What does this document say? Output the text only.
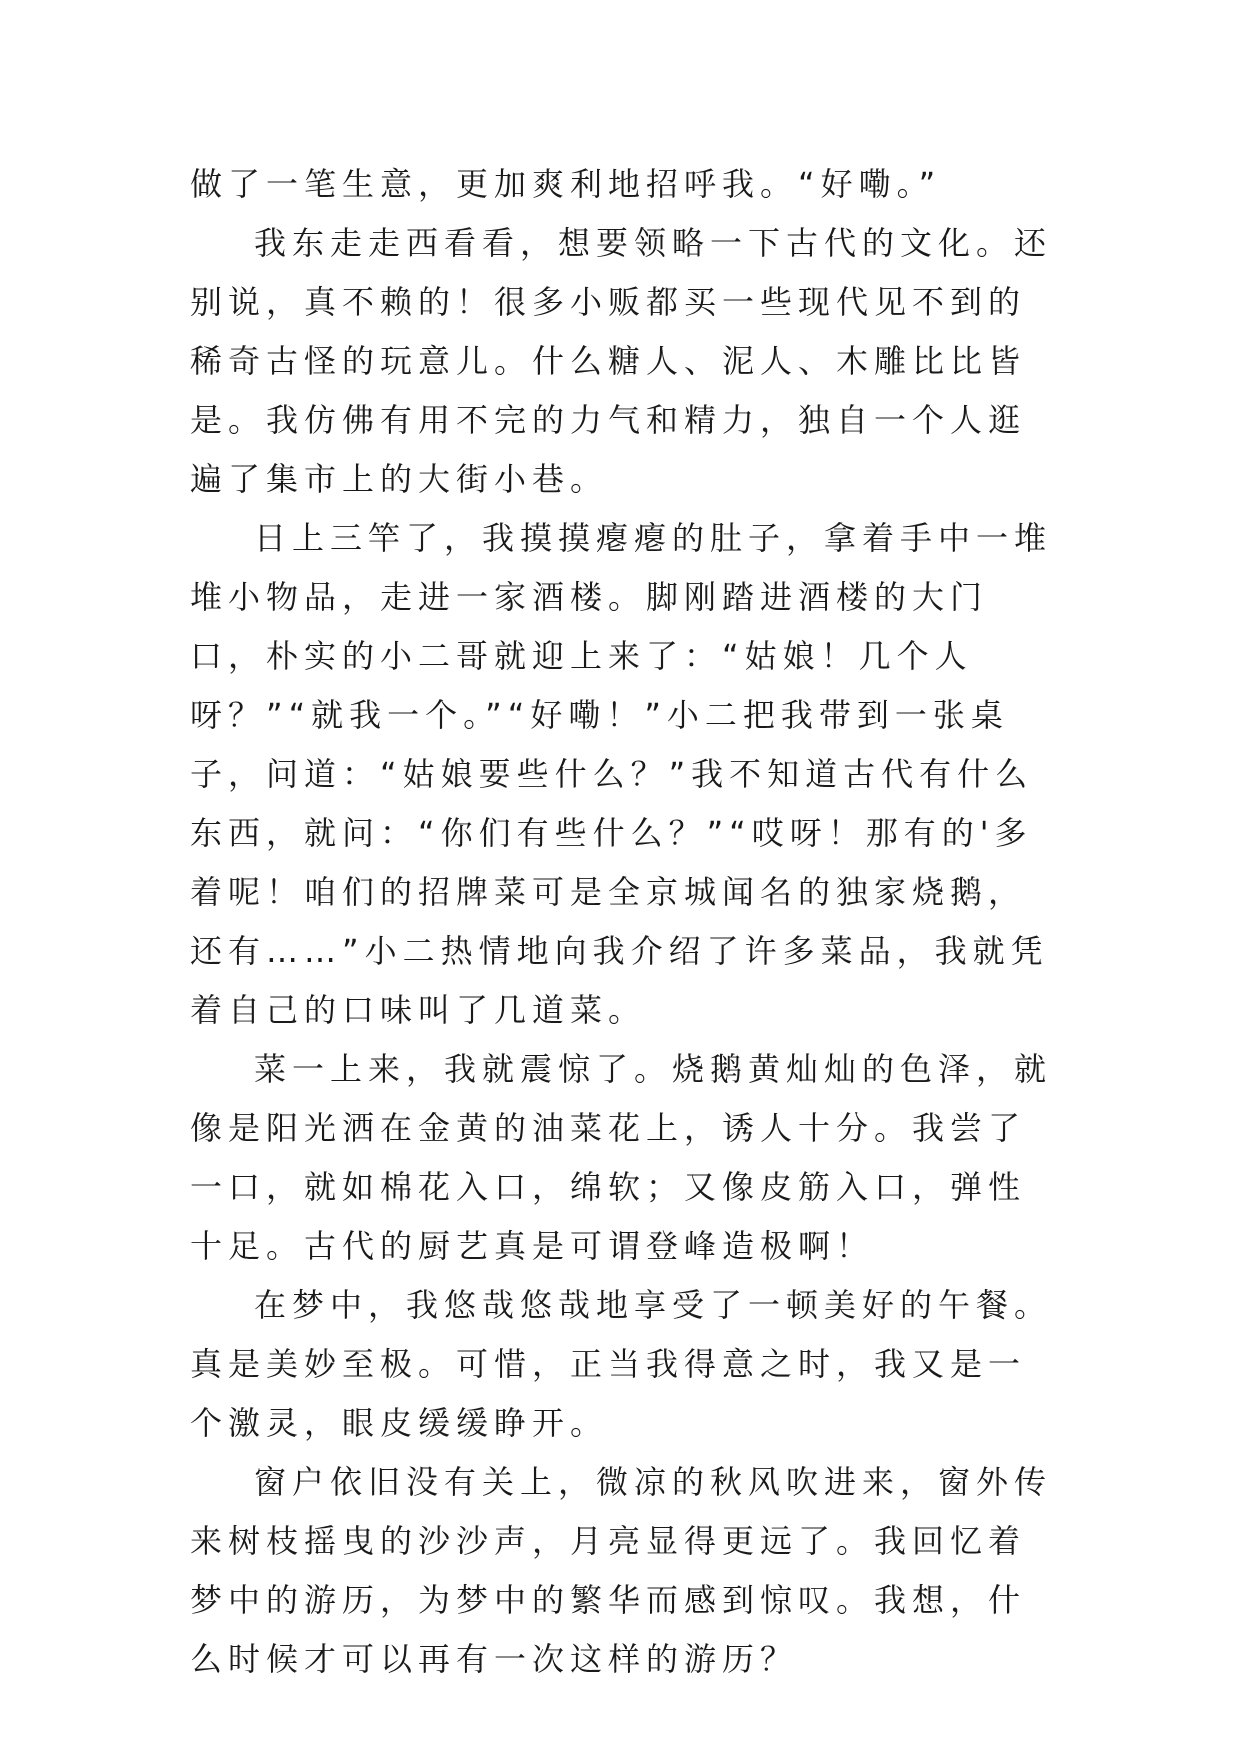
做了一笔生意，更加爽利地招呼我。“好嘞。”

我东走走西看看，想要领略一下古代的文化。还别说，真不赖的！很多小贩都买一些现代见不到的稀奇古怪的玩意儿。什么糖人、泥人、木雕比比皆是。我仿佛有用不完的力气和精力，独自一个人逛遍了集市上的大街小巷。

日上三竿了，我摸摸瘪瘪的肚子，拿着手中一堆堆小物品，走进一家酒楼。脚刚踏进酒楼的大门口，朴实的小二哥就迎上来了：“姑娘！几个人呀？”“就我一个。”“好嘞！”小二把我带到一张桌子，问道：“姑娘要些什么？”我不知道古代有什么东西，就问：“你们有些什么？”“哎呀！那有的'多着呢！咱们的招牌菜可是全京城闻名的独家烧鹅，还有……”小二热情地向我介绍了许多菜品，我就凭着自己的口味叫了几道菜。

菜一上来，我就震惊了。烧鹅黄灿灿的色泽，就像是阳光洒在金黄的油菜花上，诱人十分。我尝了一口，就如棉花入口，绵软；又像皮筋入口，弹性十足。古代的厨艺真是可谓登峰造极啊！

在梦中，我悠哉悠哉地享受了一顿美好的午餐。真是美妙至极。可惜，正当我得意之时，我又是一个激灵，眼皮缓缓睁开。

窗户依旧没有关上，微凉的秋风吹进来，窗外传来树枝摇曳的沙沙声，月亮显得更远了。我回忆着梦中的游历，为梦中的繁华而感到惊叹。我想，什么时候才可以再有一次这样的游历？
